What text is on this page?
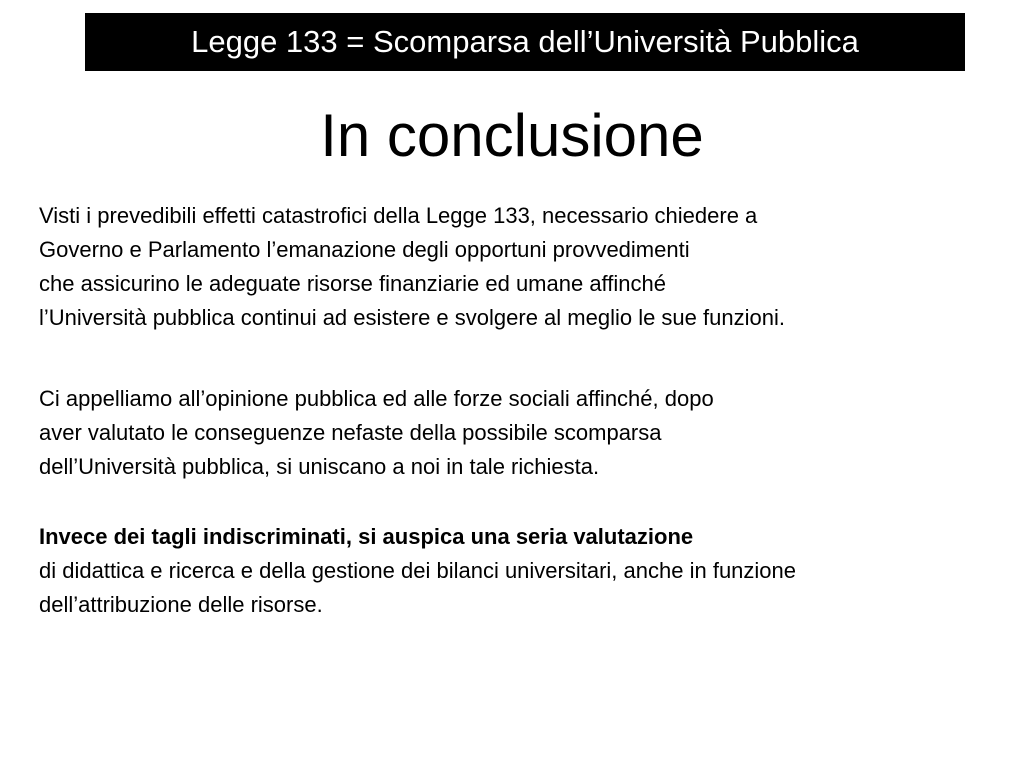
Legge 133 = Scomparsa dell’Università Pubblica
In conclusione
Visti i prevedibili effetti catastrofici della Legge 133, necessario chiedere a
Governo e Parlamento l’emanazione degli opportuni provvedimenti
che assicurino le adeguate risorse finanziarie ed umane affinché
l’Università pubblica continui ad esistere e svolgere al meglio le sue funzioni.
Ci appelliamo all’opinione pubblica ed alle forze sociali affinché, dopo
aver valutato le conseguenze nefaste della possibile scomparsa
dell’Università pubblica, si uniscano a noi in tale richiesta.
Invece dei tagli indiscriminati, si auspica una seria valutazione
di didattica e ricerca e della gestione dei bilanci universitari, anche in funzione
dell’attribuzione delle risorse.
